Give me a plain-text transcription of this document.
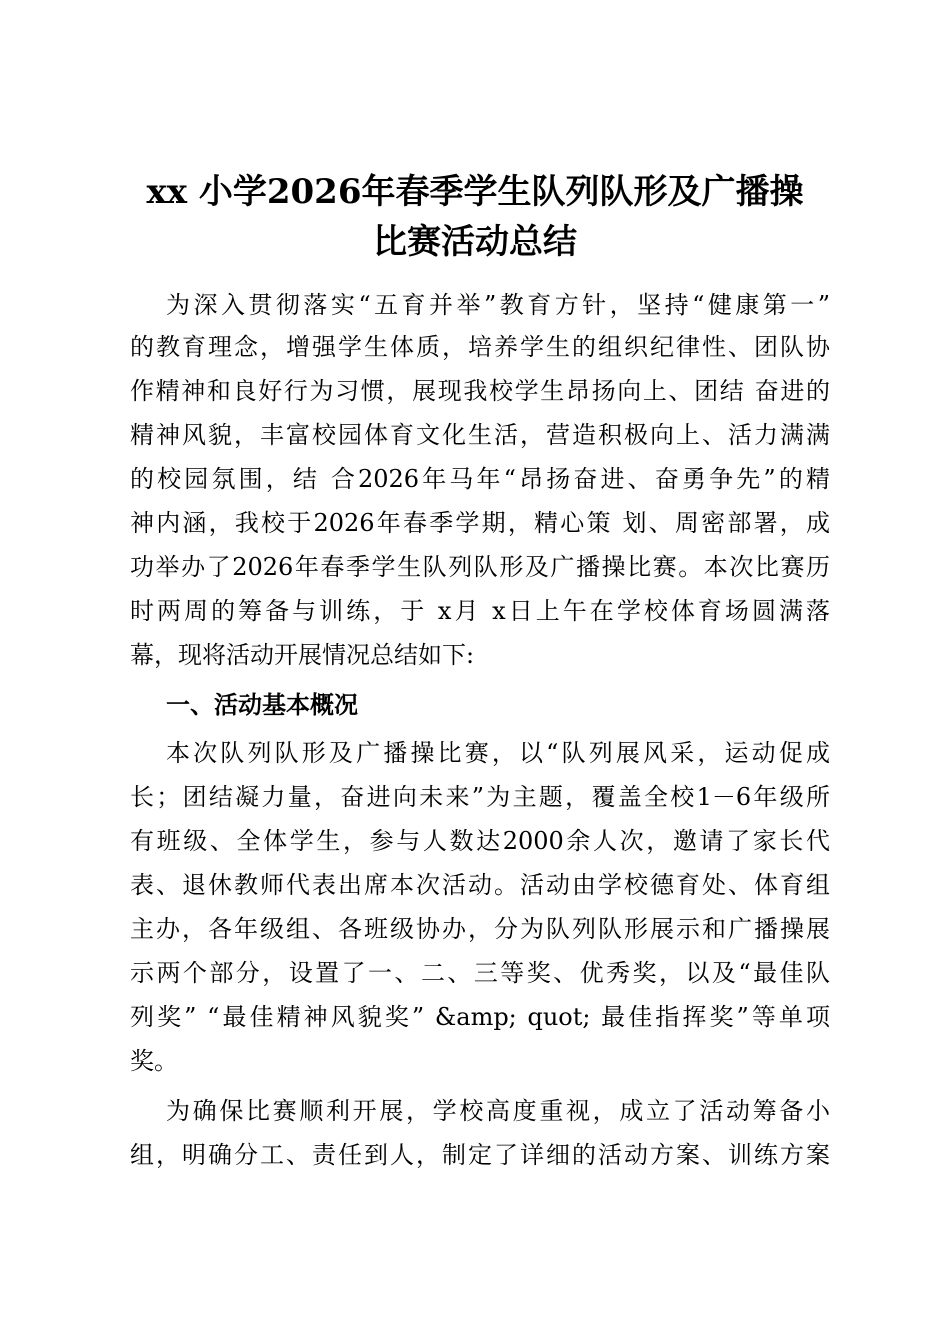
xx 小学2026年春季学生队列队形及广播操
比赛活动总结

为深入贯彻落实“五育并举”教育方针，坚持“健康第一”

的教育理念，增强学生体质，培养学生的组织纪律性、团队协

作精神和良好行为习惯，展现我校学生昂扬向上、团结 奋进的

精神风貌，丰富校园体育文化生活，营造积极向上、活力满满

的校园氛围，结 合2026年马年“昂扬奋进、奋勇争先”的精

神内涵，我校于2026年春季学期，精心策 划、周密部署，成

功举办了2026年春季学生队列队形及广播操比赛。本次比赛历

时两周的筹备与训练，于 x月 x日上午在学校体育场圆满落

幕，现将活动开展情况总结如下:

一、活动基本概况

本次队列队形及广播操比赛，以“队列展风采，运动促成

长；团结凝力量，奋进向未来”为主题，覆盖全校1－6年级所

有班级、全体学生，参与人数达2000余人次，邀请了家长代

表、退休教师代表出席本次活动。活动由学校德育处、体育组

主办，各年级组、各班级协办，分为队列队形展示和广播操展

示两个部分，设置了一、二、三等奖、优秀奖，以及“最佳队

列奖” “最佳精神风貌奖” &amp; quot; 最佳指挥奖”等单项

奖。

为确保比赛顺利开展，学校高度重视，成立了活动筹备小

组，明确分工、责任到人，制定了详细的活动方案、训练方案
